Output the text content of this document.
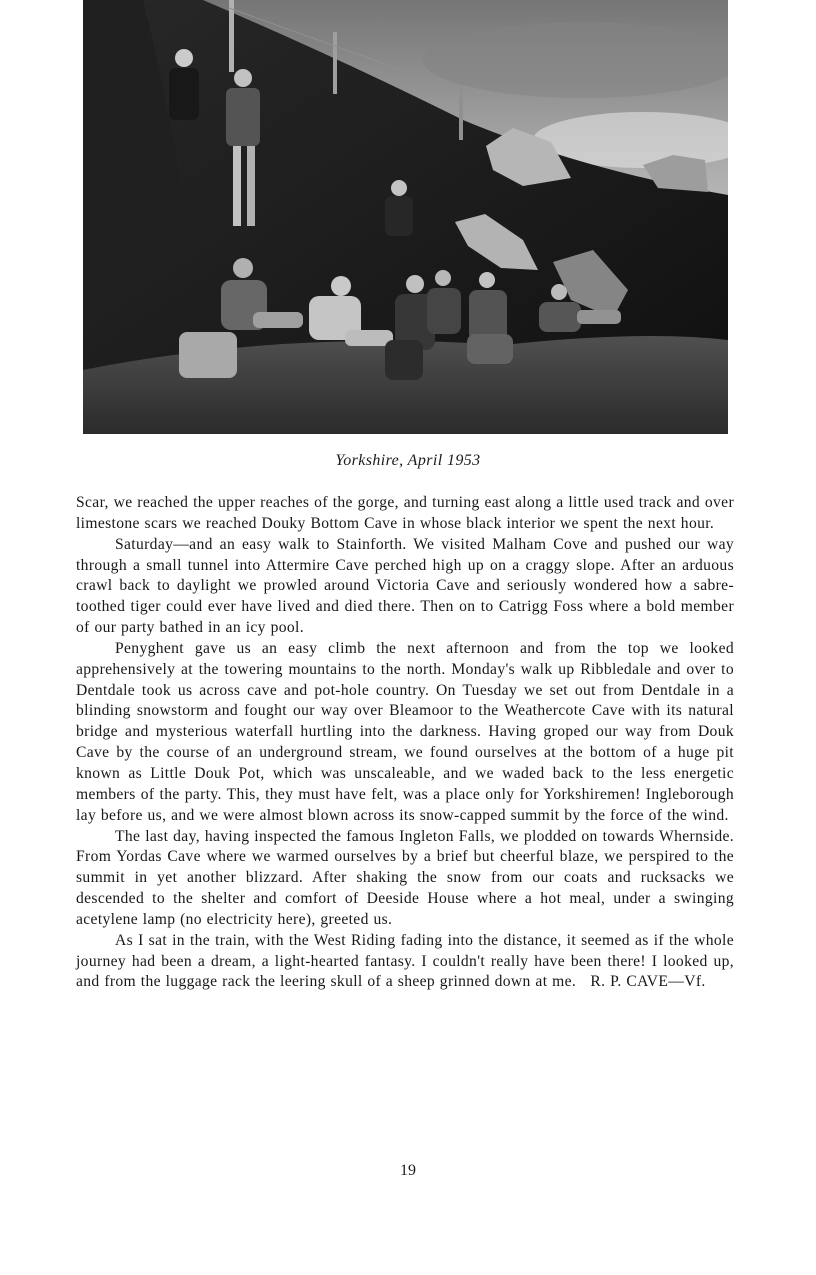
Yorkshire, April 1953

Scar, we reached the upper reaches of the gorge, and turning east along a little used track and over limestone scars we reached Douky Bottom Cave in whose black interior we spent the next hour.

Saturday—and an easy walk to Stainforth. We visited Malham Cove and pushed our way through a small tunnel into Attermire Cave perched high up on a craggy slope. After an arduous crawl back to daylight we prowled around Victoria Cave and seriously wondered how a sabre-toothed tiger could ever have lived and died there. Then on to Catrigg Foss where a bold member of our party bathed in an icy pool.

Penyghent gave us an easy climb the next afternoon and from the top we looked apprehensively at the towering mountains to the north. Monday's walk up Ribbledale and over to Dentdale took us across cave and pot-hole country. On Tuesday we set out from Dentdale in a blinding snowstorm and fought our way over Bleamoor to the Weathercote Cave with its natural bridge and mysterious waterfall hurtling into the darkness. Having groped our way from Douk Cave by the course of an underground stream, we found ourselves at the bottom of a huge pit known as Little Douk Pot, which was unscaleable, and we waded back to the less energetic members of the party. This, they must have felt, was a place only for Yorkshiremen! Ingleborough lay before us, and we were almost blown across its snow-capped summit by the force of the wind.

The last day, having inspected the famous Ingleton Falls, we plodded on towards Whernside. From Yordas Cave where we warmed ourselves by a brief but cheerful blaze, we perspired to the summit in yet another blizzard. After shaking the snow from our coats and rucksacks we descended to the shelter and comfort of Deeside House where a hot meal, under a swinging acetylene lamp (no electricity here), greeted us.

As I sat in the train, with the West Riding fading into the distance, it seemed as if the whole journey had been a dream, a light-hearted fantasy. I couldn't really have been there! I looked up, and from the luggage rack the leering skull of a sheep grinned down at me. R. P. CAVE—Vf.

19
